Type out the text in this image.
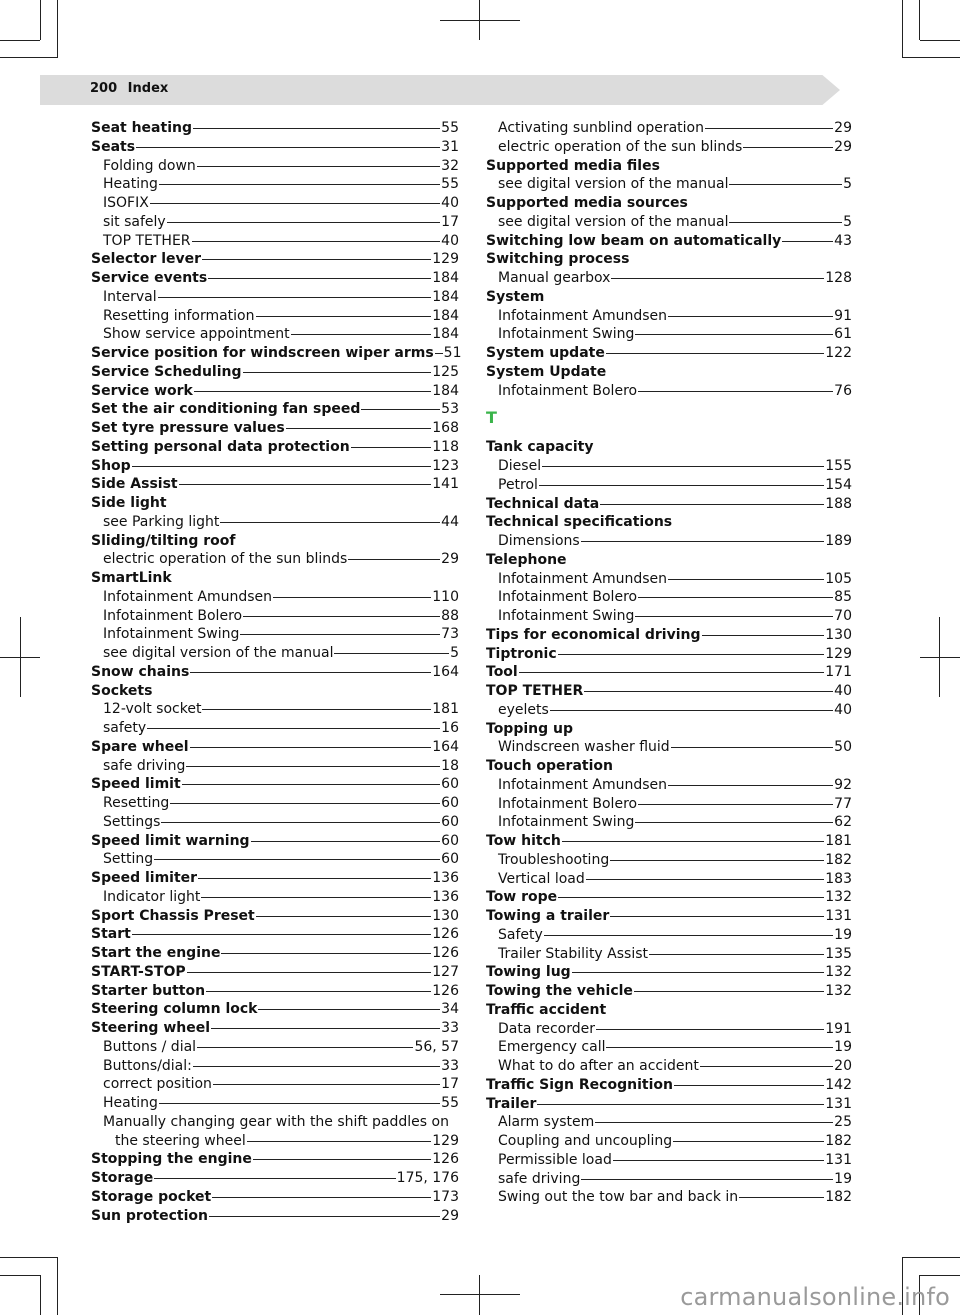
200 Index
Seat heating	55
Seats	31
Folding down	32
Heating	55
ISOFIX	40
sit safely	17
TOP TETHER	40
Selector lever	129
Service events	184
Interval	184
Resetting information	184
Show service appointment	184
Service position for windscreen wiper arms 51
Service Scheduling	125
Service work	184
Set the air conditioning fan speed	53
Set tyre pressure values	168
Setting personal data protection	118
Shop	123
Side Assist	141
Side light
see Parking light	44
Sliding/tilting roof
electric operation of the sun blinds	29
SmartLink
Infotainment Amundsen	110
Infotainment Bolero	88
Infotainment Swing	73
see digital version of the manual	5
Snow chains	164
Sockets
12-volt socket	181
safety	16
Spare wheel	164
safe driving	18
Speed limit	60
Resetting	60
Settings	60
Speed limit warning	60
Setting	60
Speed limiter	136
Indicator light	136
Sport Chassis Preset	130
Start	126
Start the engine	126
START-STOP	127
Starter button	126
Steering column lock	34
Steering wheel	33
Buttons / dial	56, 57
Buttons/dial:	33
correct position	17
Heating	55
Manually changing gear with the shift paddles on
the steering wheel	129
Stopping the engine	126
Storage	175, 176
Storage pocket	173
Sun protection	29
Activating sunblind operation	29
electric operation of the sun blinds	29
Supported media files
see digital version of the manual	5
Supported media sources
see digital version of the manual	5
Switching low beam on automatically	43
Switching process
Manual gearbox	128
System
Infotainment Amundsen	91
Infotainment Swing	61
System update	122
System Update
Infotainment Bolero	76
T
Tank capacity
Diesel	155
Petrol	154
Technical data	188
Technical specifications
Dimensions	189
Telephone
Infotainment Amundsen	105
Infotainment Bolero	85
Infotainment Swing	70
Tips for economical driving	130
Tiptronic	129
Tool	171
TOP TETHER	40
eyelets	40
Topping up
Windscreen washer fluid	50
Touch operation
Infotainment Amundsen	92
Infotainment Bolero	77
Infotainment Swing	62
Tow hitch	181
Troubleshooting	182
Vertical load	183
Tow rope	132
Towing a trailer	131
Safety	19
Trailer Stability Assist	135
Towing lug	132
Towing the vehicle	132
Traffic accident
Data recorder	191
Emergency call	19
What to do after an accident	20
Traffic Sign Recognition	142
Trailer	131
Alarm system	25
Coupling and uncoupling	182
Permissible load	131
safe driving	19
Swing out the tow bar and back in	182
carmanualsonline.info
